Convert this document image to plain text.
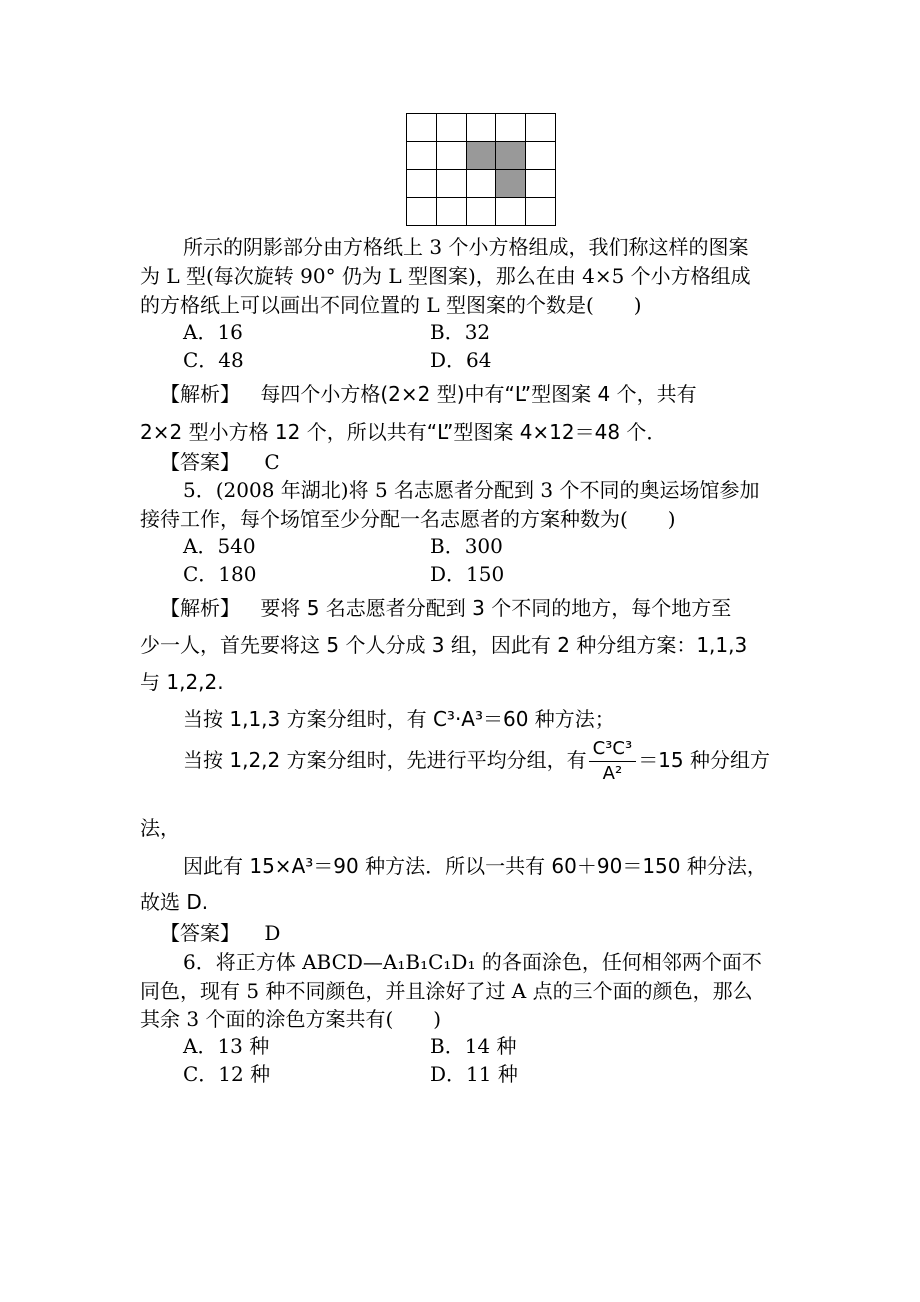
所示的阴影部分由方格纸上 3 个小方格组成，我们称这样的图案
为 L 型(每次旋转 90° 仍为 L 型图案)，那么在由 4×5 个小方格组成
的方格纸上可以画出不同位置的 L 型图案的个数是(　　)
A．16	B．32
C．48	D．64
【解析】 每四个小方格(2×2 型)中有“L”型图案 4 个，共有
2×2 型小方格 12 个，所以共有“L”型图案 4×12＝48 个．
【答案】 C
5．(2008 年湖北)将 5 名志愿者分配到 3 个不同的奥运场馆参加
接待工作，每个场馆至少分配一名志愿者的方案种数为(　　)
A．540	B．300
C．180	D．150
【解析】 要将 5 名志愿者分配到 3 个不同的地方，每个地方至
少一人，首先要将这 5 个人分成 3 组，因此有 2 种分组方案：1,1,3
与 1,2,2.
当按 1,1,3 方案分组时，有 C³·A³＝60 种方法；
当按 1,2,2 方案分组时，先进行平均分组，有 $\frac{\text{C³C³}}{\text{A²}} =15$ 种分组方
法，
因此有 15×A³＝90 种方法．所以一共有 60＋90＝150 种分法，
故选 D.
【答案】 D
6．将正方体 ABCD—A₁B₁C₁D₁ 的各面涂色，任何相邻两个面不
同色，现有 5 种不同颜色，并且涂好了过 A 点的三个面的颜色，那么
其余 3 个面的涂色方案共有(　　)
A．13 种	B．14 种
C．12 种	D．11 种
